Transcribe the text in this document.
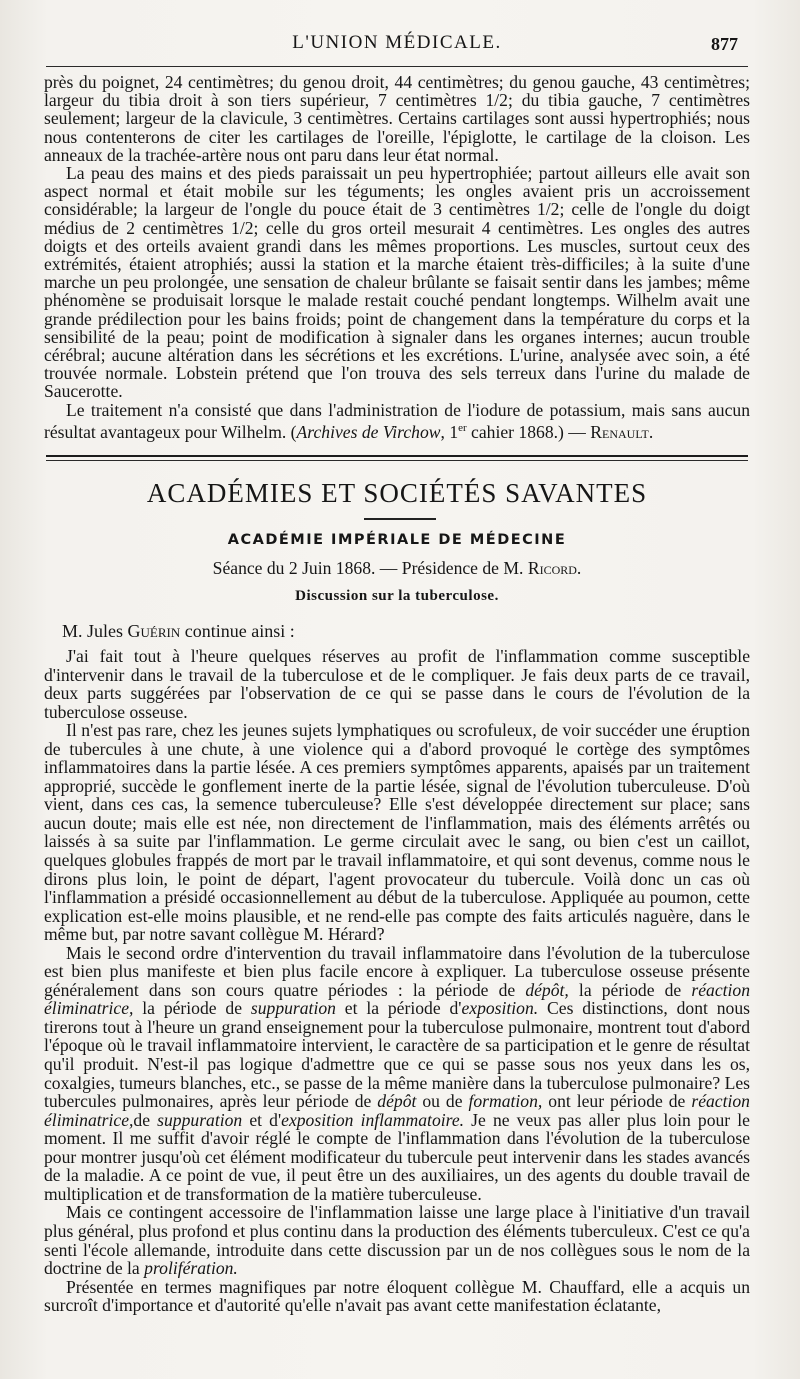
L'UNION MÉDICALE.	877

près du poignet, 24 centimètres; du genou droit, 44 centimètres; du genou gauche, 43 centimètres; largeur du tibia droit à son tiers supérieur, 7 centimètres 1/2; du tibia gauche, 7 centimètres seulement; largeur de la clavicule, 3 centimètres. Certains cartilages sont aussi hypertrophiés; nous nous contenterons de citer les cartilages de l'oreille, l'épiglotte, le cartilage de la cloison. Les anneaux de la trachée-artère nous ont paru dans leur état normal.

La peau des mains et des pieds paraissait un peu hypertrophiée; partout ailleurs elle avait son aspect normal et était mobile sur les téguments; les ongles avaient pris un accroissement considérable; la largeur de l'ongle du pouce était de 3 centimètres 1/2; celle de l'ongle du doigt médius de 2 centimètres 1/2; celle du gros orteil mesurait 4 centimètres. Les ongles des autres doigts et des orteils avaient grandi dans les mêmes proportions. Les muscles, surtout ceux des extrémités, étaient atrophiés; aussi la station et la marche étaient très-difficiles; à la suite d'une marche un peu prolongée, une sensation de chaleur brûlante se faisait sentir dans les jambes; même phénomène se produisait lorsque le malade restait couché pendant longtemps. Wilhelm avait une grande prédilection pour les bains froids; point de changement dans la température du corps et la sensibilité de la peau; point de modification à signaler dans les organes internes; aucun trouble cérébral; aucune altération dans les sécrétions et les excrétions. L'urine, analysée avec soin, a été trouvée normale. Lobstein prétend que l'on trouva des sels terreux dans l'urine du malade de Saucerotte.

Le traitement n'a consisté que dans l'administration de l'iodure de potassium, mais sans aucun résultat avantageux pour Wilhelm. (Archives de Virchow, 1er cahier 1868.) — Renault.

ACADÉMIES ET SOCIÉTÉS SAVANTES
ACADÉMIE IMPÉRIALE DE MÉDECINE
Séance du 2 Juin 1868. — Présidence de M. Ricord.
Discussion sur la tuberculose.
M. Jules Guérin continue ainsi :

J'ai fait tout à l'heure quelques réserves au profit de l'inflammation comme susceptible d'intervenir dans le travail de la tuberculose et de le compliquer. Je fais deux parts de ce travail, deux parts suggérées par l'observation de ce qui se passe dans le cours de l'évolution de la tuberculose osseuse.

Il n'est pas rare, chez les jeunes sujets lymphatiques ou scrofuleux, de voir succéder une éruption de tubercules à une chute, à une violence qui a d'abord provoqué le cortège des symptômes inflammatoires dans la partie lésée. A ces premiers symptômes apparents, apaisés par un traitement approprié, succède le gonflement inerte de la partie lésée, signal de l'évolution tuberculeuse. D'où vient, dans ces cas, la semence tuberculeuse? Elle s'est développée directement sur place; sans aucun doute; mais elle est née, non directement de l'inflammation, mais des éléments arrêtés ou laissés à sa suite par l'inflammation. Le germe circulait avec le sang, ou bien c'est un caillot, quelques globules frappés de mort par le travail inflammatoire, et qui sont devenus, comme nous le dirons plus loin, le point de départ, l'agent provocateur du tubercule. Voilà donc un cas où l'inflammation a présidé occasionnellement au début de la tuberculose. Appliquée au poumon, cette explication est-elle moins plausible, et ne rend-elle pas compte des faits articulés naguère, dans le même but, par notre savant collègue M. Hérard?

Mais le second ordre d'intervention du travail inflammatoire dans l'évolution de la tuberculose est bien plus manifeste et bien plus facile encore à expliquer. La tuberculose osseuse présente généralement dans son cours quatre périodes : la période de dépôt, la période de réaction éliminatrice, la période de suppuration et la période d'exposition. Ces distinctions, dont nous tirerons tout à l'heure un grand enseignement pour la tuberculose pulmonaire, montrent tout d'abord l'époque où le travail inflammatoire intervient, le caractère de sa participation et le genre de résultat qu'il produit. N'est-il pas logique d'admettre que ce qui se passe sous nos yeux dans les os, coxalgies, tumeurs blanches, etc., se passe de la même manière dans la tuberculose pulmonaire? Les tubercules pulmonaires, après leur période de dépôt ou de formation, ont leur période de réaction éliminatrice,de suppuration et d'exposition inflammatoire. Je ne veux pas aller plus loin pour le moment. Il me suffit d'avoir réglé le compte de l'inflammation dans l'évolution de la tuberculose pour montrer jusqu'où cet élément modificateur du tubercule peut intervenir dans les stades avancés de la maladie. A ce point de vue, il peut être un des auxiliaires, un des agents du double travail de multiplication et de transformation de la matière tuberculeuse.

Mais ce contingent accessoire de l'inflammation laisse une large place à l'initiative d'un travail plus général, plus profond et plus continu dans la production des éléments tuberculeux. C'est ce qu'a senti l'école allemande, introduite dans cette discussion par un de nos collègues sous le nom de la doctrine de la prolifération.

Présentée en termes magnifiques par notre éloquent collègue M. Chauffard, elle a acquis un surcroît d'importance et d'autorité qu'elle n'avait pas avant cette manifestation éclatante,
